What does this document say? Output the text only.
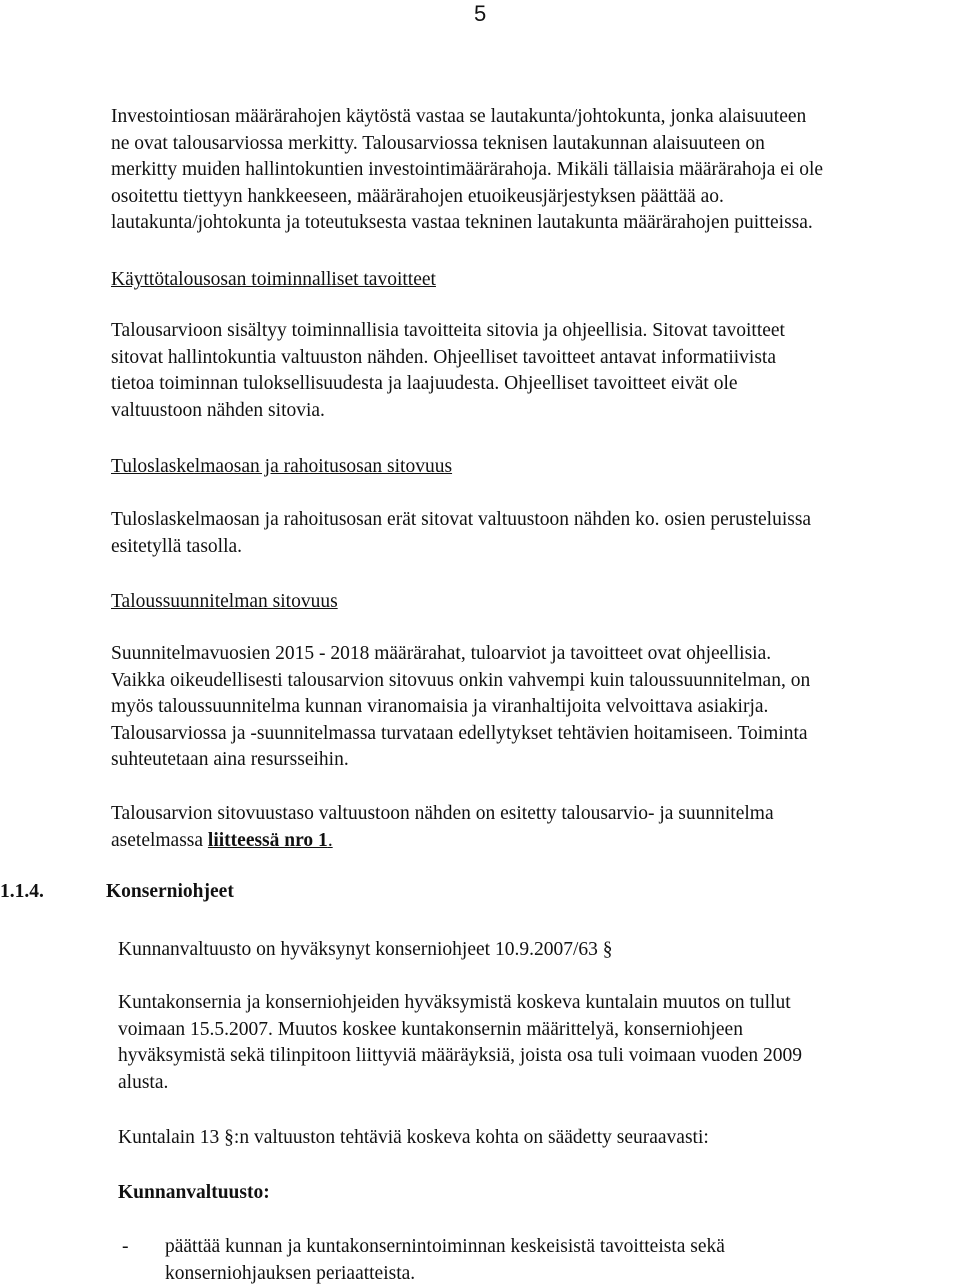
5
Investointiosan määrärahojen käytöstä vastaa se lautakunta/johtokunta, jonka alaisuuteen
ne ovat talousarviossa merkitty. Talousarviossa teknisen lautakunnan alaisuuteen on
merkitty muiden hallintokuntien investointimäärärahoja. Mikäli tällaisia määrärahoja ei ole
osoitettu tiettyyn hankkeeseen, määrärahojen etuoikeusjärjestyksen päättää ao.
lautakunta/johtokunta ja toteutuksesta vastaa tekninen lautakunta määrärahojen puitteissa.
Käyttötalousosan toiminnalliset tavoitteet
Talousarvioon sisältyy toiminnallisia tavoitteita sitovia ja ohjeellisia. Sitovat tavoitteet
sitovat hallintokuntia valtuuston nähden. Ohjeelliset tavoitteet antavat informatiivista
tietoa toiminnan tuloksellisuudesta ja laajuudesta. Ohjeelliset tavoitteet eivät ole
valtuustoon nähden sitovia.
Tuloslaskelmaosan ja rahoitusosan sitovuus
Tuloslaskelmaosan ja rahoitusosan erät sitovat valtuustoon nähden ko. osien perusteluissa
esitetyllä tasolla.
Taloussuunnitelman sitovuus
Suunnitelmavuosien 2015 - 2018 määrärahat, tuloarviot ja tavoitteet ovat ohjeellisia.
Vaikka oikeudellisesti talousarvion sitovuus onkin vahvempi kuin taloussuunnitelman, on
myös taloussuunnitelma kunnan viranomaisia ja viranhaltijoita velvoittava asiakirja.
Talousarviossa ja -suunnitelmassa turvataan edellytykset tehtävien hoitamiseen. Toiminta
suhteutetaan aina resursseihin.
Talousarvion sitovuustaso valtuustoon nähden on esitetty talousarvio- ja suunnitelma
asetelmassa liitteessä nro 1.
1.1.4.	Konserniohjeet
Kunnanvaltuusto on hyväksynyt konserniohjeet 10.9.2007/63 §
Kuntakonsernia ja konserniohjeiden hyväksymistä koskeva kuntalain muutos on tullut
voimaan 15.5.2007. Muutos koskee kuntakonsernin määrittelyä, konserniohjeen
hyväksymistä sekä tilinpitoon liittyviä määräyksiä, joista osa tuli voimaan vuoden 2009
alusta.
Kuntalain 13 §:n valtuuston tehtäviä koskeva kohta on säädetty seuraavasti:
Kunnanvaltuusto:
- päättää kunnan ja kuntakonsernintoiminnan keskeisistä tavoitteista sekä
konserniohjauksen periaatteista.
